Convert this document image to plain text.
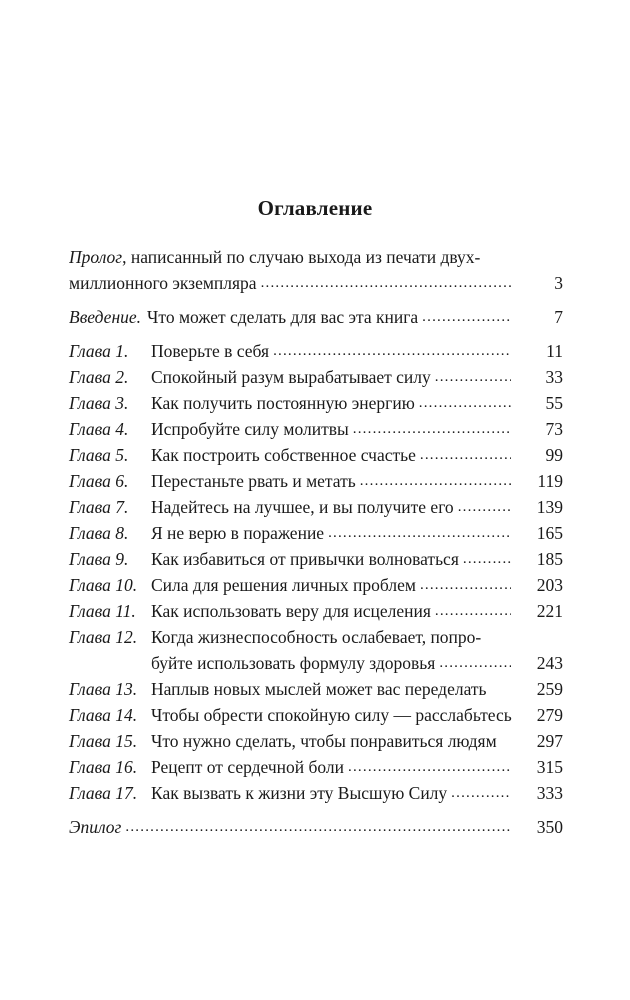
Оглавление
Пролог , написанный по случаю выхода из печати двух-
миллионного экземпляра .....	3
Введение. Что может сделать для вас эта книга .....	7
Глава 1. Поверьте в себя .....	11
Глава 2. Спокойный разум вырабатывает силу .....	33
Глава 3. Как получить постоянную энергию .....	55
Глава 4. Испробуйте силу молитвы .....	73
Глава 5. Как построить собственное счастье .....	99
Глава 6. Перестаньте рвать и метать .....	119
Глава 7. Надейтесь на лучшее, и вы получите его .....	139
Глава 8. Я не верю в поражение .....	165
Глава 9. Как избавиться от привычки волноваться .....	185
Глава 10. Сила для решения личных проблем .....	203
Глава 11. Как использовать веру для исцеления .....	221
Глава 12. Когда жизнеспособность ослабевает, попро-
буйте использовать формулу здоровья .....	243
Глава 13. Наплыв новых мыслей может вас переделать	259
Глава 14. Чтобы обрести спокойную силу — расслабьтесь 279
Глава 15. Что нужно сделать, чтобы понравиться людям 297
Глава 16. Рецепт от сердечной боли .....	315
Глава 17. Как вызвать к жизни эту Высшую Силу .....	333
Эпилог .....	350
